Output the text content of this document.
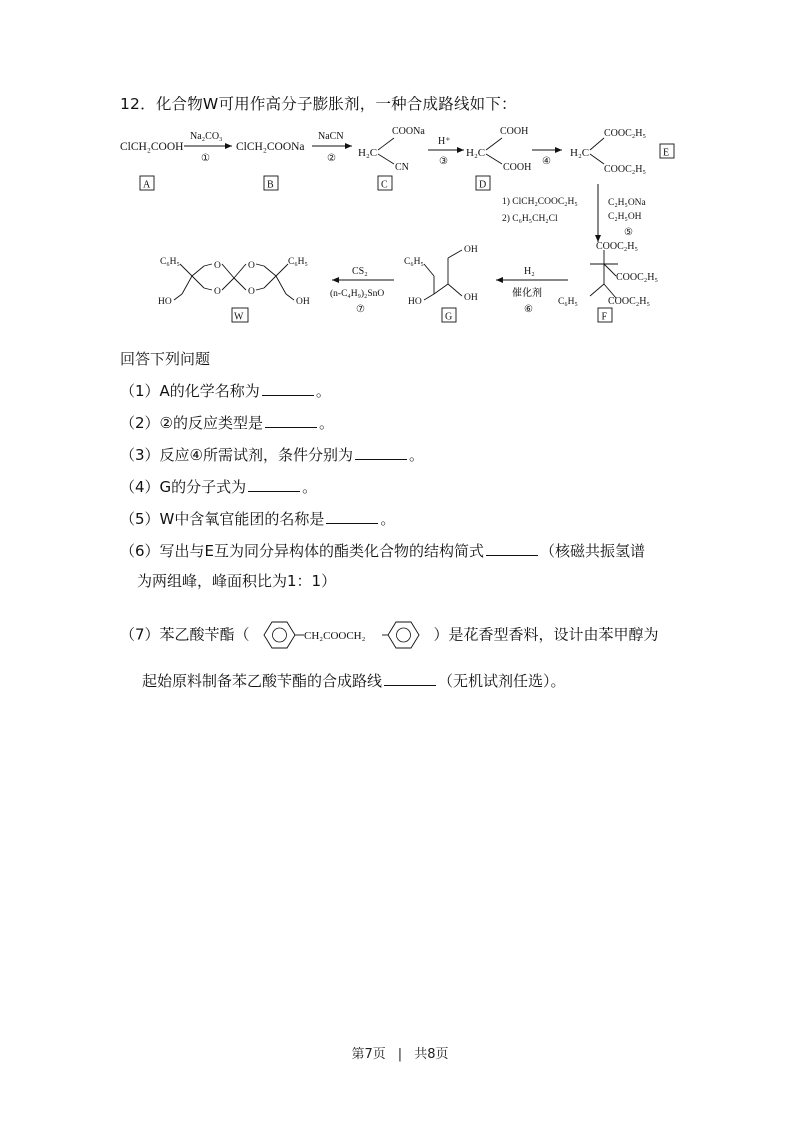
12．化合物W可用作高分子膨胀剂，一种合成路线如下：
ClCH₂COOH
Na₂CO₃
①
ClCH₂COONa
NaCN
② H₂C
COONa
CN
H⁺
③
H₂C
COOH
COOH
④
H₂C
COOC₂H₅
COOC₂H₅
A	B	C	D
E
1) ClCH₂COOC₂H₅
2) C₆H₅CH₂Cl
C₂H₅ONa
C₂H₅OH
⑤
COOC₂H₅
COOC₂H₅
COOC₂H₅
C₆H₅
F
H₂
催化剂
⑥
C₆H₅
OH
OH
HO
G
CS₂
(n-C₄H₉)₂SnO
⑦
C₆H₅	C₆H₅
O
O
O
O
HO	OH
W
回答下列问题
（1）A的化学名称为	。
（2）②的反应类型是	。
（3）反应④所需试剂，条件分别为	。
（4）G的分子式为	。
（5）W中含氧官能团的名称是	。
（6）写出与E互为同分异构体的酯类化合物的结构简式	（核磁共振氢谱
为两组峰，峰面积比为1：1）
（7）苯乙酸苄酯（	CH₂COOCH₂	）是花香型香料，设计由苯甲醇为
起始原料制备苯乙酸苄酯的合成路线	（无机试剂任选）。
第7页 | 共8页
